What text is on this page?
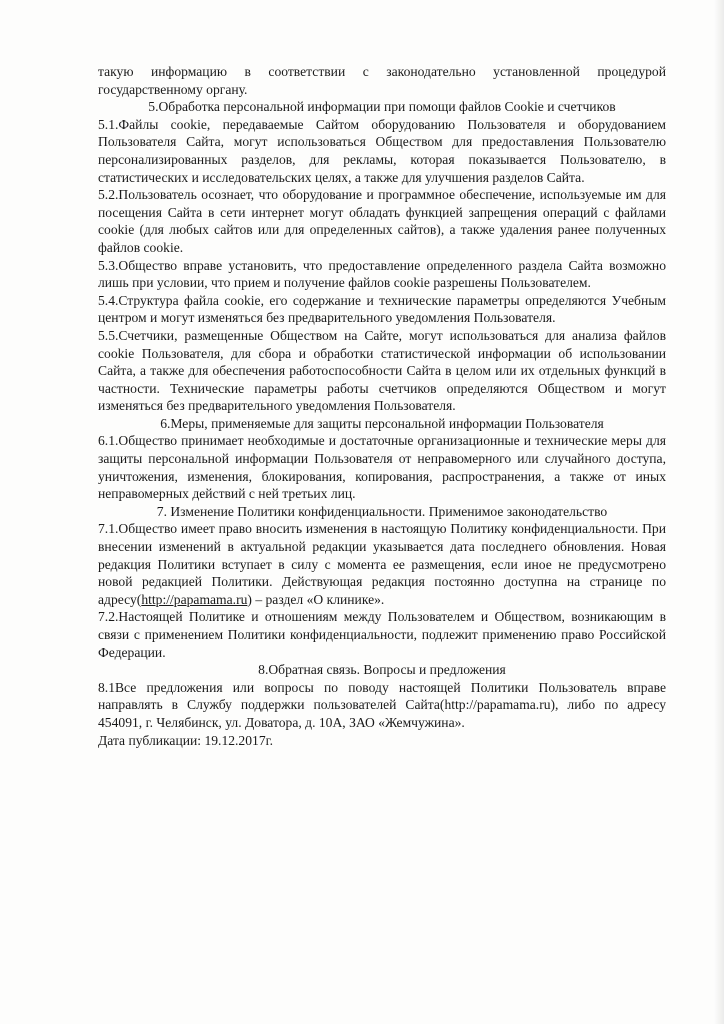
такую информацию в соответствии с законодательно установленной процедурой государственному органу.

5.Обработка персональной информации при помощи файлов Cookie и счетчиков

5.1.Файлы cookie, передаваемые Сайтом оборудованию Пользователя и оборудованием Пользователя Сайта, могут использоваться Обществом для предоставления Пользователю персонализированных разделов, для рекламы, которая показывается Пользователю, в статистических и исследовательских целях, а также для улучшения разделов Сайта.

5.2.Пользователь осознает, что оборудование и программное обеспечение, используемые им для посещения Сайта в сети интернет могут обладать функцией запрещения операций с файлами cookie (для любых сайтов или для определенных сайтов), а также удаления ранее полученных файлов cookie.

5.3.Общество вправе установить, что предоставление определенного раздела Сайта возможно лишь при условии, что прием и получение файлов cookie разрешены Пользователем.

5.4.Структура файла cookie, его содержание и технические параметры определяются Учебным центром и могут изменяться без предварительного уведомления Пользователя.

5.5.Счетчики, размещенные Обществом на Сайте, могут использоваться для анализа файлов cookie Пользователя, для сбора и обработки статистической информации об использовании Сайта, а также для обеспечения работоспособности Сайта в целом или их отдельных функций в частности. Технические параметры работы счетчиков определяются Обществом и могут изменяться без предварительного уведомления Пользователя.

6.Меры, применяемые для защиты персональной информации Пользователя

6.1.Общество принимает необходимые и достаточные организационные и технические меры для защиты персональной информации Пользователя от неправомерного или случайного доступа, уничтожения, изменения, блокирования, копирования, распространения, а также от иных неправомерных действий с ней третьих лиц.

7. Изменение Политики конфиденциальности. Применимое законодательство

7.1.Общество имеет право вносить изменения в настоящую Политику конфиденциальности. При внесении изменений в актуальной редакции указывается дата последнего обновления. Новая редакция Политики вступает в силу с момента ее размещения, если иное не предусмотрено новой редакцией Политики. Действующая редакция постоянно доступна на странице по адресу(http://papamama.ru) – раздел «О клинике».

7.2.Настоящей Политике и отношениям между Пользователем и Обществом, возникающим в связи с применением Политики конфиденциальности, подлежит применению право Российской Федерации.

8.Обратная связь. Вопросы и предложения

8.1Все предложения или вопросы по поводу настоящей Политики Пользователь вправе направлять в Службу поддержки пользователей Сайта(http://papamama.ru), либо по адресу 454091, г. Челябинск, ул. Доватора, д. 10А, ЗАО «Жемчужина».

Дата публикации: 19.12.2017г.
